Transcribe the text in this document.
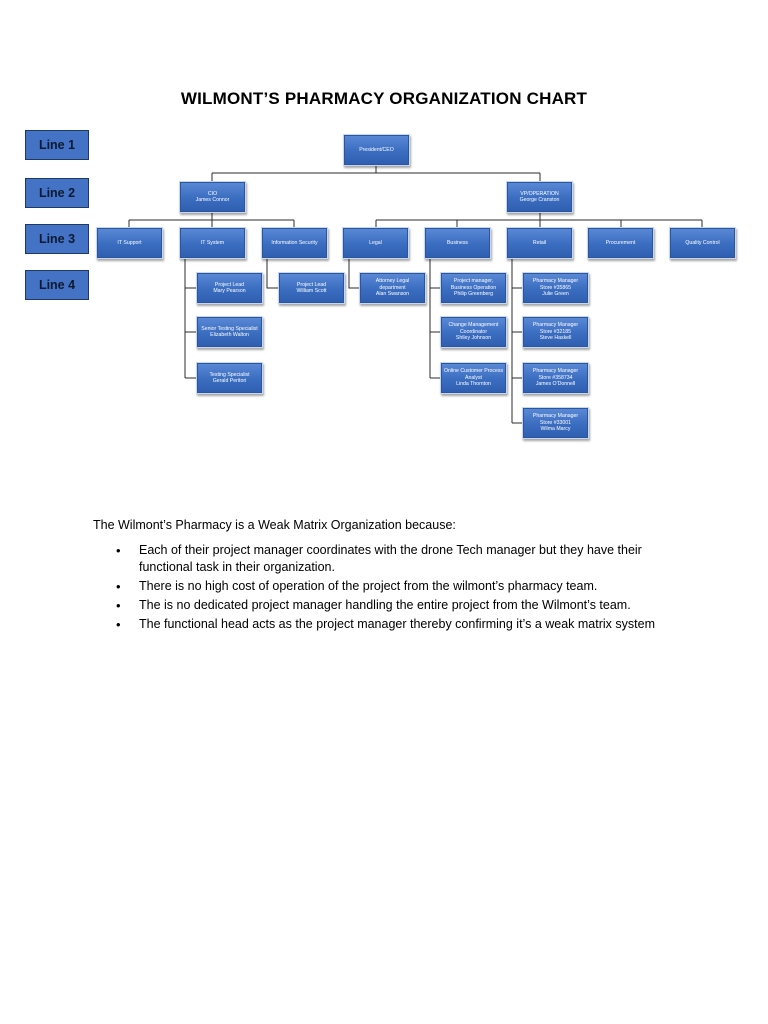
WILMONT’S PHARMACY ORGANIZATION CHART
Line 1
Line 2
Line 3
Line 4
President/CEO
CIO
James Connor
VP/OPERATION
George Cranston
IT Support	IT System	Information Security	Legal	Business	Retail	Procurement	Quality Control
Project Lead
Mary Pearson
Senior Testing Specialist
Elizabeth Walton
Testing Specialist
Gerald Peritori
Project Lead
William Scott
Attorney Legal
department
Alan Swanson
Project manager,
Business Operation
Philip Greenberg
Change Management
Coordinator
Shiley Johnson
Online Customer Process
Analyst
Linda Thornton
Pharmacy Manager
Store #35865
Julie Green
Pharmacy Manager
Store #32185
Steve Haskell
Pharmacy Manager
Store #358734
James O'Donnell
Pharmacy Manager
Store #33001
Wilma Marcy
The Wilmont’s Pharmacy is a Weak Matrix Organization because:
• Each of their project manager coordinates with the drone Tech manager but they have their functional task in their organization.
• There is no high cost of operation of the project from the wilmont’s pharmacy team.
• The is no dedicated project manager handling the entire project from the Wilmont’s team.
• The functional head acts as the project manager thereby confirming it’s a weak matrix system
